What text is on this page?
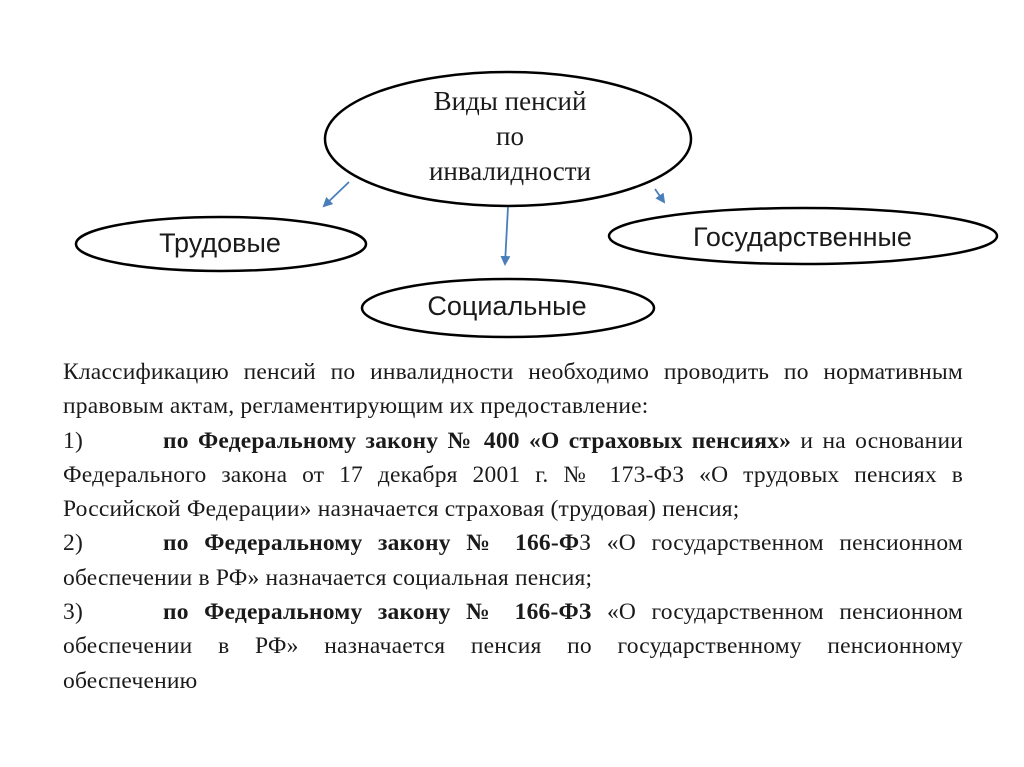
Виды пенсий
по
инвалидности
Трудовые	Государственные
Социальные

Классификацию пенсий по инвалидности необходимо проводить по нормативным правовым актам, регламентирующим их предоставление:

1)	по Федеральному закону № 400 «О страховых пенсиях» и на основании Федерального закона от 17 декабря 2001 г. № 173-ФЗ «О трудовых пенсиях в Российской Федерации» назначается страховая (трудовая) пенсия;

2)	по Федеральному закону № 166-ФЗ «О государственном пенсионном обеспечении в РФ» назначается социальная пенсия;

3)	по Федеральному закону № 166-ФЗ «О государственном пенсионном обеспечении в РФ» назначается пенсия по государственному пенсионному обеспечению
